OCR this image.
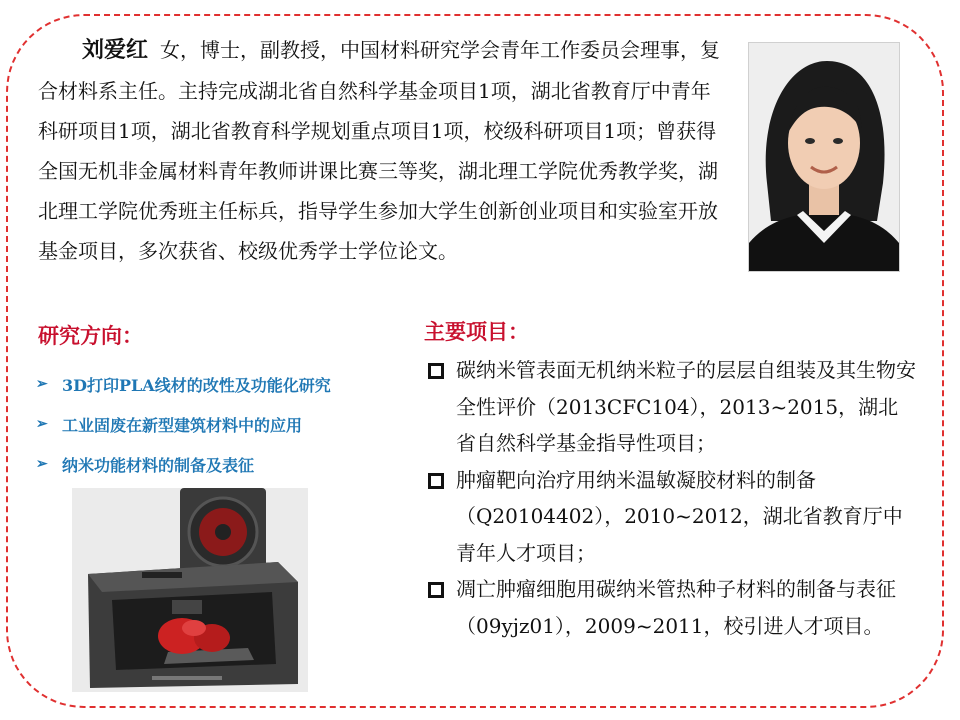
刘爱红 女，博士，副教授，中国材料研究学会青年工作委员会理事，复合材料系主任。主持完成湖北省自然科学基金项目1项，湖北省教育厅中青年科研项目1项，湖北省教育科学规划重点项目1项，校级科研项目1项；曾获得全国无机非金属材料青年教师讲课比赛三等奖，湖北理工学院优秀教学奖，湖北理工学院优秀班主任标兵，指导学生参加大学生创新创业项目和实验室开放基金项目，多次获省、校级优秀学士学位论文。

研究方向：
➢ 3D打印PLA线材的改性及功能化研究
➢ 工业固废在新型建筑材料中的应用
➢ 纳米功能材料的制备及表征
主要项目：
碳纳米管表面无机纳米粒子的层层自组装及其生物安全性评价（2013CFC104），2013~2015，湖北省自然科学基金指导性项目；
肿瘤靶向治疗用纳米温敏凝胶材料的制备（Q20104402），2010~2012，湖北省教育厅中青年人才项目；
凋亡肿瘤细胞用碳纳米管热种子材料的制备与表征（09yjz01），2009~2011，校引进人才项目。
